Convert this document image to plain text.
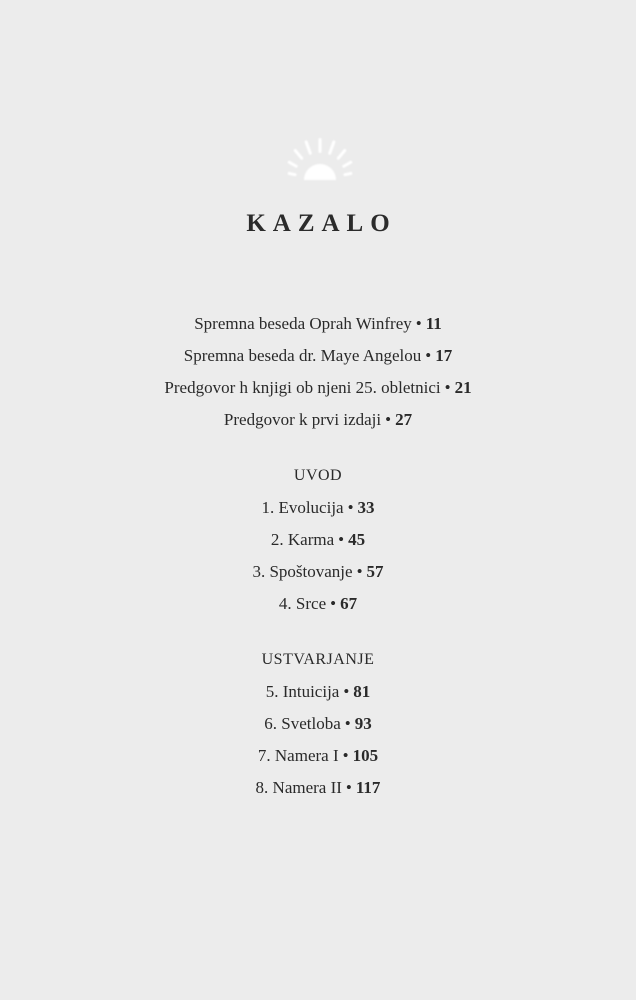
KAZALO
Spremna beseda Oprah Winfrey • 11
Spremna beseda dr. Maye Angelou • 17
Predgovor h knjigi ob njeni 25. obletnici • 21
Predgovor k prvi izdaji • 27
UVOD
1. Evolucija • 33
2. Karma • 45
3. Spoštovanje • 57
4. Srce • 67
USTVARJANJE
5. Intuicija • 81
6. Svetloba • 93
7. Namera I • 105
8. Namera II • 117
